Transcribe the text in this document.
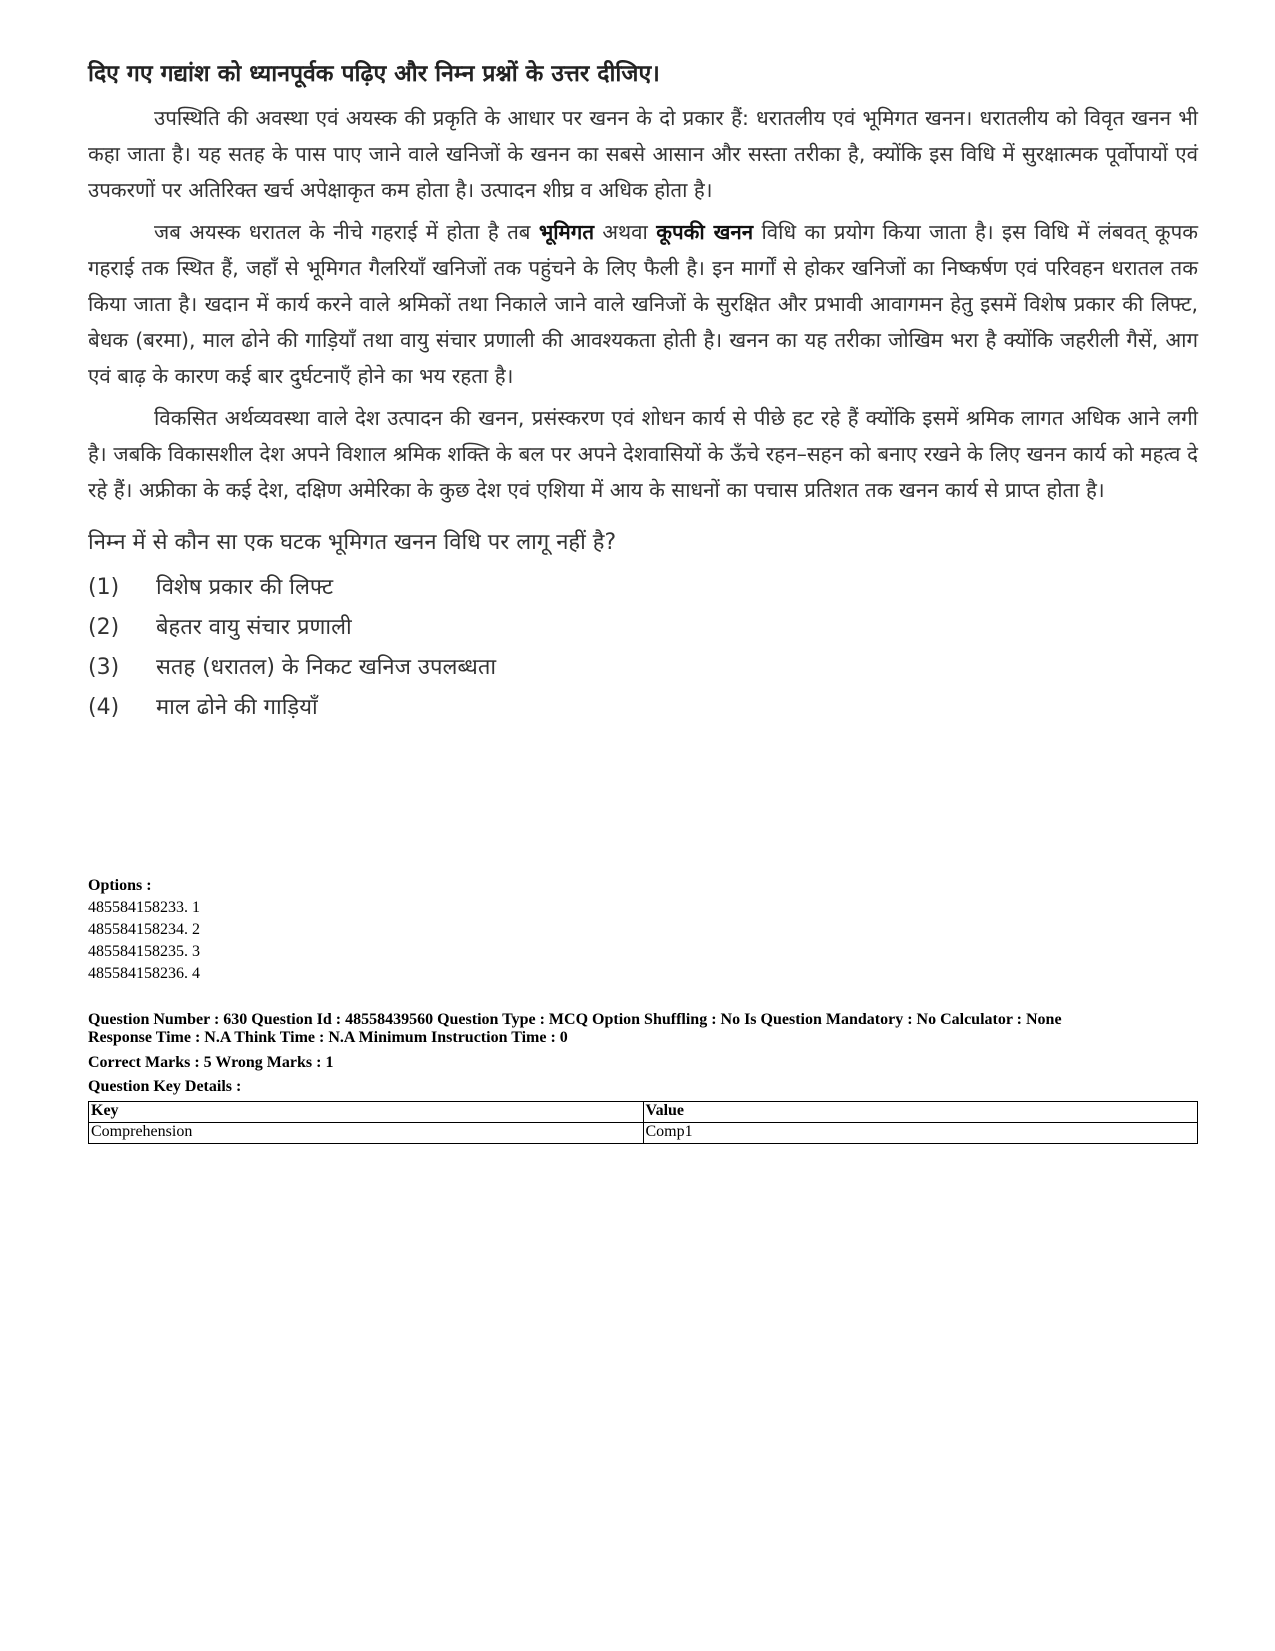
दिए गए गद्यांश को ध्यानपूर्वक पढ़िए और निम्न प्रश्नों के उत्तर दीजिए।

उपस्थिति की अवस्था एवं अयस्क की प्रकृति के आधार पर खनन के दो प्रकार हैं: धरातलीय एवं भूमिगत खनन। धरातलीय को विवृत खनन भी कहा जाता है। यह सतह के पास पाए जाने वाले खनिजों के खनन का सबसे आसान और सस्ता तरीका है, क्योंकि इस विधि में सुरक्षात्मक पूर्वोपायों एवं उपकरणों पर अतिरिक्त खर्च अपेक्षाकृत कम होता है। उत्पादन शीघ्र व अधिक होता है।

जब अयस्क धरातल के नीचे गहराई में होता है तब भूमिगत अथवा कूपकी खनन विधि का प्रयोग किया जाता है। इस विधि में लंबवत् कूपक गहराई तक स्थित हैं, जहाँ से भूमिगत गैलरियाँ खनिजों तक पहुंचने के लिए फैली है। इन मार्गों से होकर खनिजों का निष्कर्षण एवं परिवहन धरातल तक किया जाता है। खदान में कार्य करने वाले श्रमिकों तथा निकाले जाने वाले खनिजों के सुरक्षित और प्रभावी आवागमन हेतु इसमें विशेष प्रकार की लिफ्ट, बेधक (बरमा), माल ढोने की गाड़ियाँ तथा वायु संचार प्रणाली की आवश्यकता होती है। खनन का यह तरीका जोखिम भरा है क्योंकि जहरीली गैसें, आग एवं बाढ़ के कारण कई बार दुर्घटनाएँ होने का भय रहता है।

विकसित अर्थव्यवस्था वाले देश उत्पादन की खनन, प्रसंस्करण एवं शोधन कार्य से पीछे हट रहे हैं क्योंकि इसमें श्रमिक लागत अधिक आने लगी है। जबकि विकासशील देश अपने विशाल श्रमिक शक्ति के बल पर अपने देशवासियों के ऊँचे रहन–सहन को बनाए रखने के लिए खनन कार्य को महत्व दे रहे हैं। अफ्रीका के कई देश, दक्षिण अमेरिका के कुछ देश एवं एशिया में आय के साधनों का पचास प्रतिशत तक खनन कार्य से प्राप्त होता है।

निम्न में से कौन सा एक घटक भूमिगत खनन विधि पर लागू नहीं है?
(1)	विशेष प्रकार की लिफ्ट
(2)	बेहतर वायु संचार प्रणाली
(3)	सतह (धरातल) के निकट खनिज उपलब्धता
(4)	माल ढोने की गाड़ियाँ
Options :
485584158233. 1
485584158234. 2
485584158235. 3
485584158236. 4
Question Number : 630 Question Id : 48558439560 Question Type : MCQ Option Shuffling : No Is Question Mandatory : No Calculator : None
Response Time : N.A Think Time : N.A Minimum Instruction Time : 0
Correct Marks : 5 Wrong Marks : 1
Question Key Details :
Key	Value
Comprehension	Comp1
